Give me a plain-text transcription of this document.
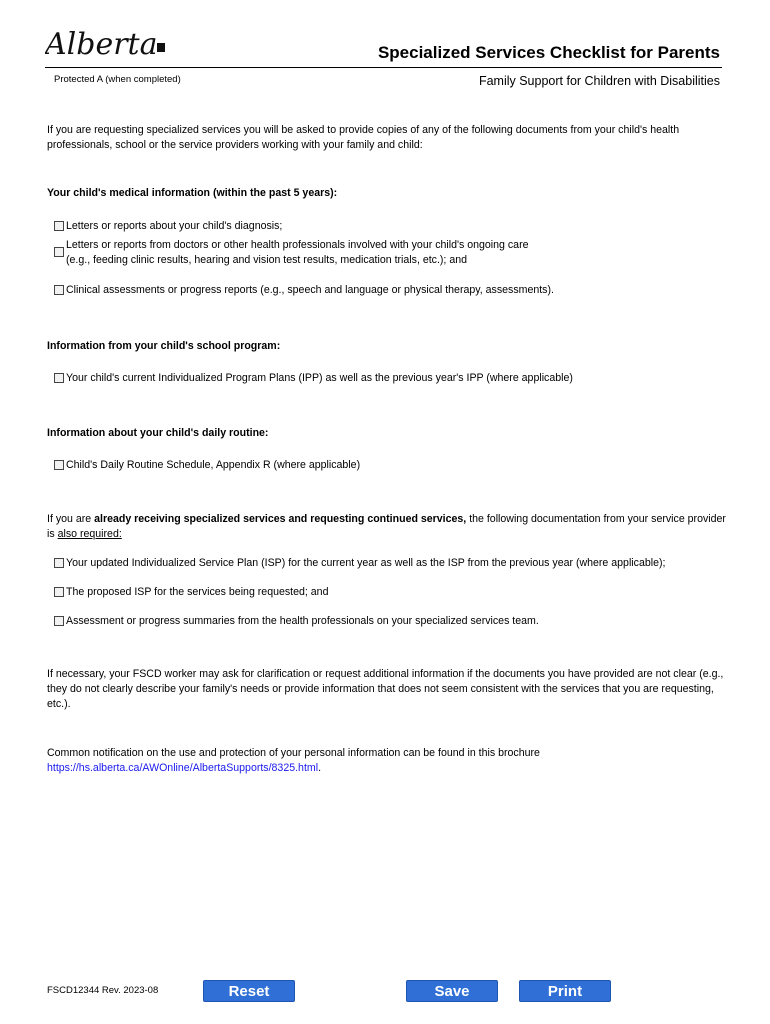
Alberta	Specialized Services Checklist for Parents
Protected A (when completed)	Family Support for Children with Disabilities
If you are requesting specialized services you will be asked to provide copies of any of the following documents from your child's health professionals, school or the service providers working with your family and child:
Your child's medical information (within the past 5 years):
Letters or reports about your child's diagnosis;
Letters or reports from doctors or other health professionals involved with your child's ongoing care
(e.g., feeding clinic results, hearing and vision test results, medication trials, etc.); and
Clinical assessments or progress reports (e.g., speech and language or physical therapy, assessments).
Information from your child's school program:
Your child's current Individualized Program Plans (IPP) as well as the previous year's IPP (where applicable)
Information about your child's daily routine:
Child's Daily Routine Schedule, Appendix R (where applicable)
If you are already receiving specialized services and requesting continued services, the following documentation from your service provider is also required:
Your updated Individualized Service Plan (ISP) for the current year as well as the ISP from the previous year (where applicable);
The proposed ISP for the services being requested; and
Assessment or progress summaries from the health professionals on your specialized services team.
If necessary, your FSCD worker may ask for clarification or request additional information if the documents you have provided are not clear (e.g., they do not clearly describe your family's needs or provide information that does not seem consistent with the services that you are requesting, etc.).
Common notification on the use and protection of your personal information can be found in this brochure
https://hs.alberta.ca/AWOnline/AlbertaSupports/8325.html.
FSCD12344 Rev. 2023-08	Reset	Save	Print
